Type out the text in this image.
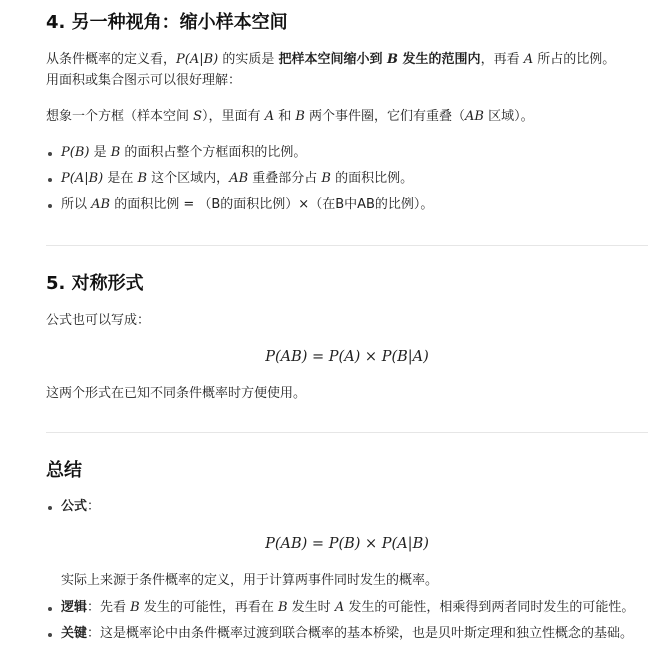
4. 另一种视角：缩小样本空间

从条件概率的定义看，P(A|B) 的实质是 把样本空间缩小到 B 发生的范围内，再看 A 所占的比例。

用面积或集合图示可以很好理解：

想象一个方框（样本空间 S），里面有 A 和 B 两个事件圈，它们有重叠（AB 区域）。

P(B) 是 B 的面积占整个方框面积的比例。
P(A|B) 是在 B 这个区域内，AB 重叠部分占 B 的面积比例。
所以 AB 的面积比例 = （B的面积比例）×（在B中AB的比例）。
5. 对称形式

公式也可以写成：

P(AB) = P(A) × P(B|A)

这两个形式在已知不同条件概率时方便使用。

总结
公式：
P(AB) = P(B) × P(A|B)

实际上来源于条件概率的定义，用于计算两事件同时发生的概率。

逻辑：先看 B 发生的可能性，再看在 B 发生时 A 发生的可能性，相乘得到两者同时发生的可能性。
关键：这是概率论中由条件概率过渡到联合概率的基本桥梁，也是贝叶斯定理和独立性概念的基础。
